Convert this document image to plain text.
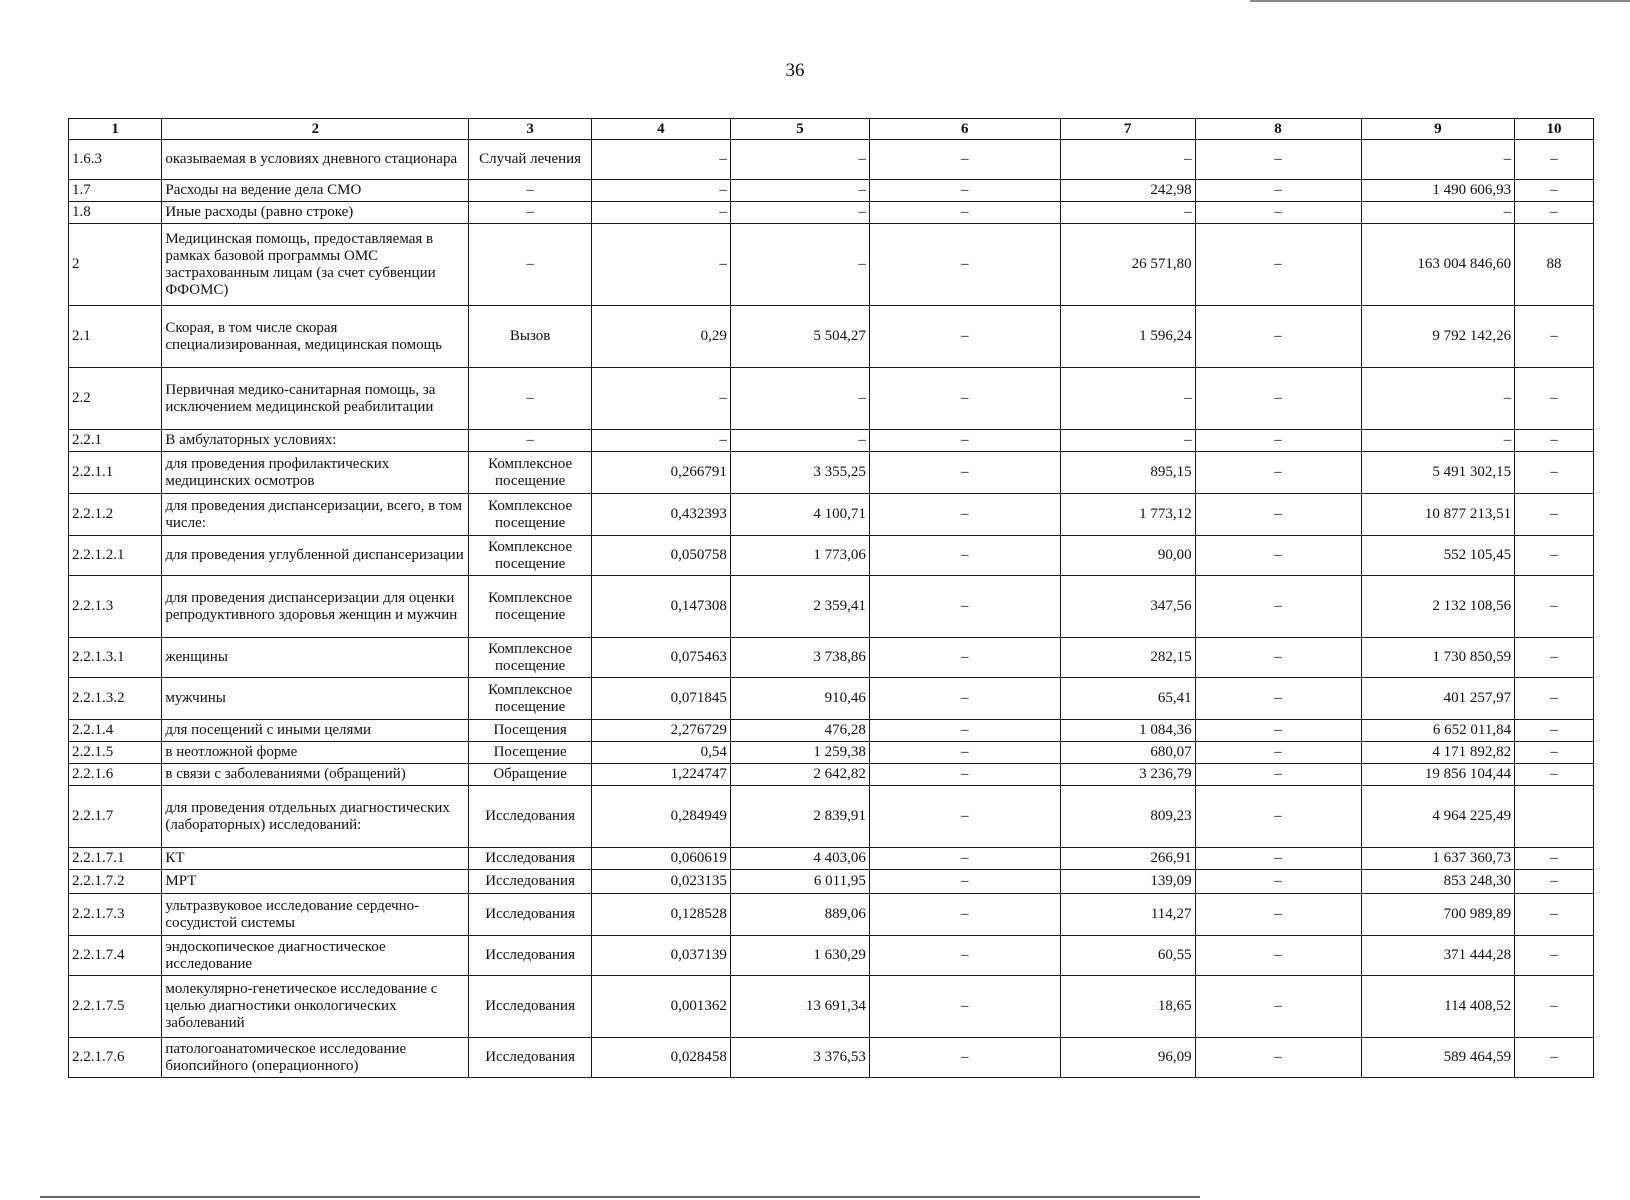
36
1	2	3	4	5	6	7	8	9	10
1.6.3	оказываемая в условиях дневного стационара	Случай лечения	–	–	–	–	–	–	–
1.7	Расходы на ведение дела СМО	–	–	–	–	242,98	–	1 490 606,93	–
1.8	Иные расходы (равно строке)	–	–	–	–	–	–	–	–
2	Медицинская помощь, предоставляемая в рамках базовой программы ОМС застрахованным лицам (за счет субвенции ФФОМС)	–	–	–	–	26 571,80	–	163 004 846,60	88
2.1	Скорая, в том числе скорая специализированная, медицинская помощь	Вызов	0,29	5 504,27	–	1 596,24	–	9 792 142,26	–
2.2	Первичная медико-санитарная помощь, за исключением медицинской реабилитации	–	–	–	–	–	–	–	–
2.2.1	В амбулаторных условиях:	–	–	–	–	–	–	–	–
2.2.1.1	для проведения профилактических медицинских осмотров	Комплексное посещение	0,266791	3 355,25	–	895,15	–	5 491 302,15	–
2.2.1.2	для проведения диспансеризации, всего, в том числе:	Комплексное посещение	0,432393	4 100,71	–	1 773,12	–	10 877 213,51	–
2.2.1.2.1	для проведения углубленной диспансеризации	Комплексное посещение	0,050758	1 773,06	–	90,00	–	552 105,45	–
2.2.1.3	для проведения диспансеризации для оценки репродуктивного здоровья женщин и мужчин	Комплексное посещение	0,147308	2 359,41	–	347,56	–	2 132 108,56	–
2.2.1.3.1	женщины	Комплексное посещение	0,075463	3 738,86	–	282,15	–	1 730 850,59	–
2.2.1.3.2	мужчины	Комплексное посещение	0,071845	910,46	–	65,41	–	401 257,97	–
2.2.1.4	для посещений с иными целями	Посещения	2,276729	476,28	–	1 084,36	–	6 652 011,84	–
2.2.1.5	в неотложной форме	Посещение	0,54	1 259,38	–	680,07	–	4 171 892,82	–
2.2.1.6	в связи с заболеваниями (обращений)	Обращение	1,224747	2 642,82	–	3 236,79	–	19 856 104,44	–
2.2.1.7	для проведения отдельных диагностических (лабораторных) исследований:	Исследования	0,284949	2 839,91	–	809,23	–	4 964 225,49	
2.2.1.7.1	КТ	Исследования	0,060619	4 403,06	–	266,91	–	1 637 360,73	–
2.2.1.7.2	МРТ	Исследования	0,023135	6 011,95	–	139,09	–	853 248,30	–
2.2.1.7.3	ультразвуковое исследование сердечно-сосудистой системы	Исследования	0,128528	889,06	–	114,27	–	700 989,89	–
2.2.1.7.4	эндоскопическое диагностическое исследование	Исследования	0,037139	1 630,29	–	60,55	–	371 444,28	–
2.2.1.7.5	молекулярно-генетическое исследование с целью диагностики онкологических заболеваний	Исследования	0,001362	13 691,34	–	18,65	–	114 408,52	–
2.2.1.7.6	патологоанатомическое исследование биопсийного (операционного)	Исследования	0,028458	3 376,53	–	96,09	–	589 464,59	–
